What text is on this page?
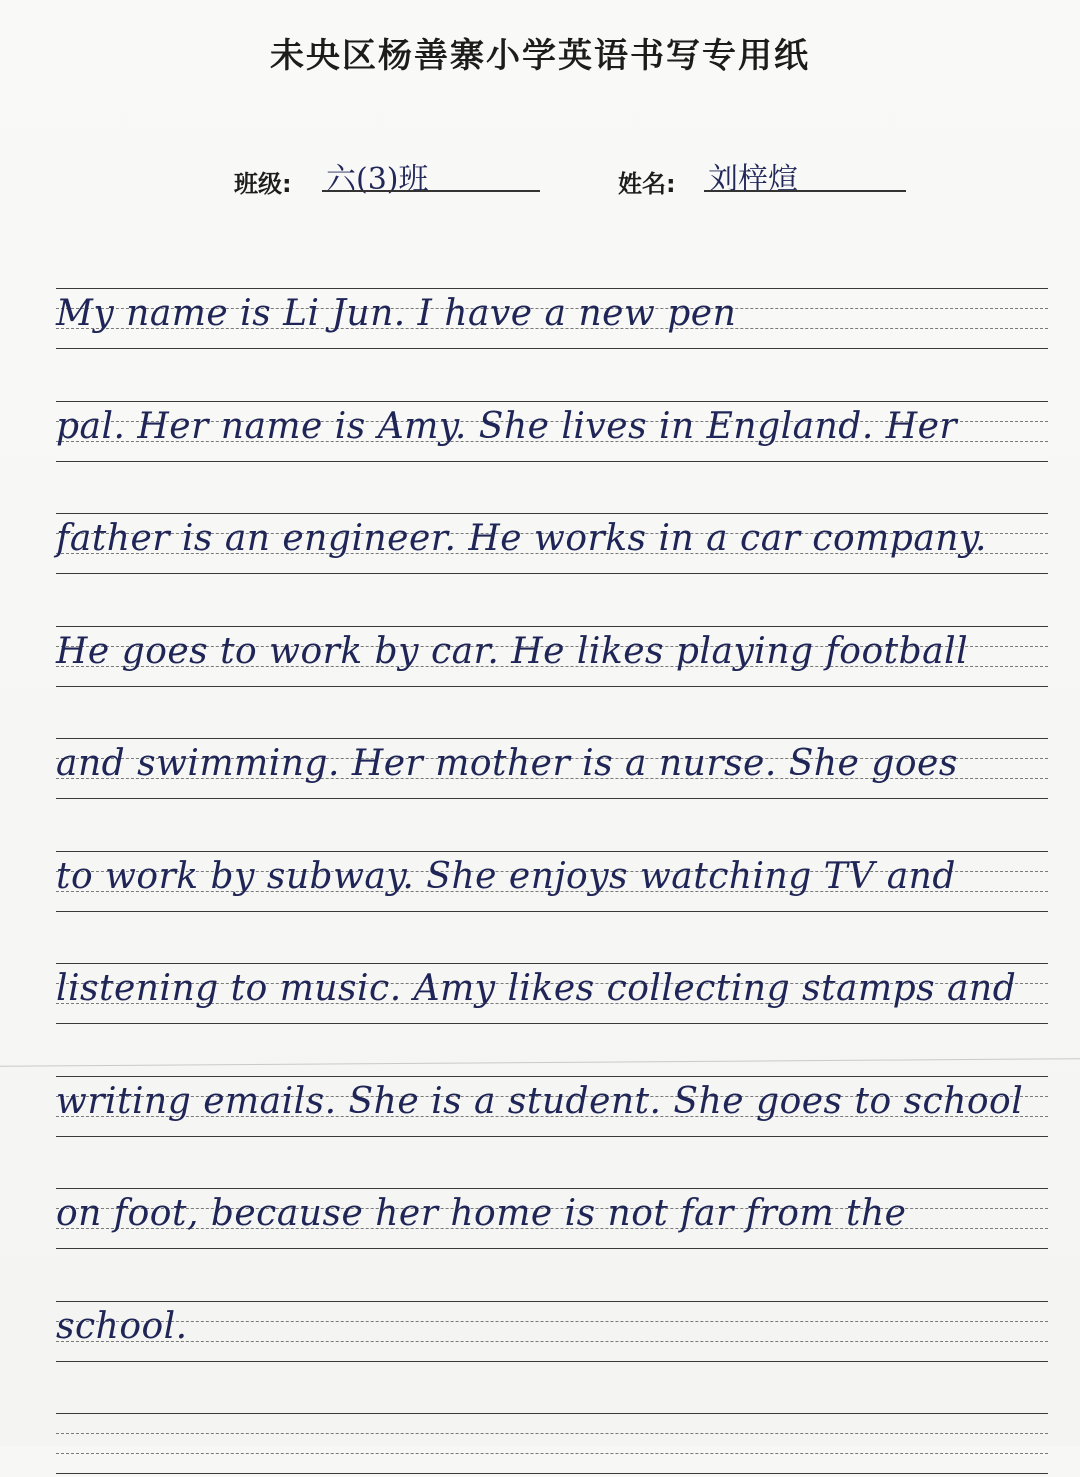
未央区杨善寨小学英语书写专用纸
班级: 六(3)班	姓名: 刘梓煊
My name is Li Jun. I have a new pen
pal. Her name is Amy. She lives in England. Her
father is an engineer. He works in a car company.
He goes to work by car. He likes playing football
and swimming. Her mother is a nurse. She goes
to work by subway. She enjoys watching TV and
listening to music. Amy likes collecting stamps and
writing emails. She is a student. She goes to school
on foot, because her home is not far from the
school.
